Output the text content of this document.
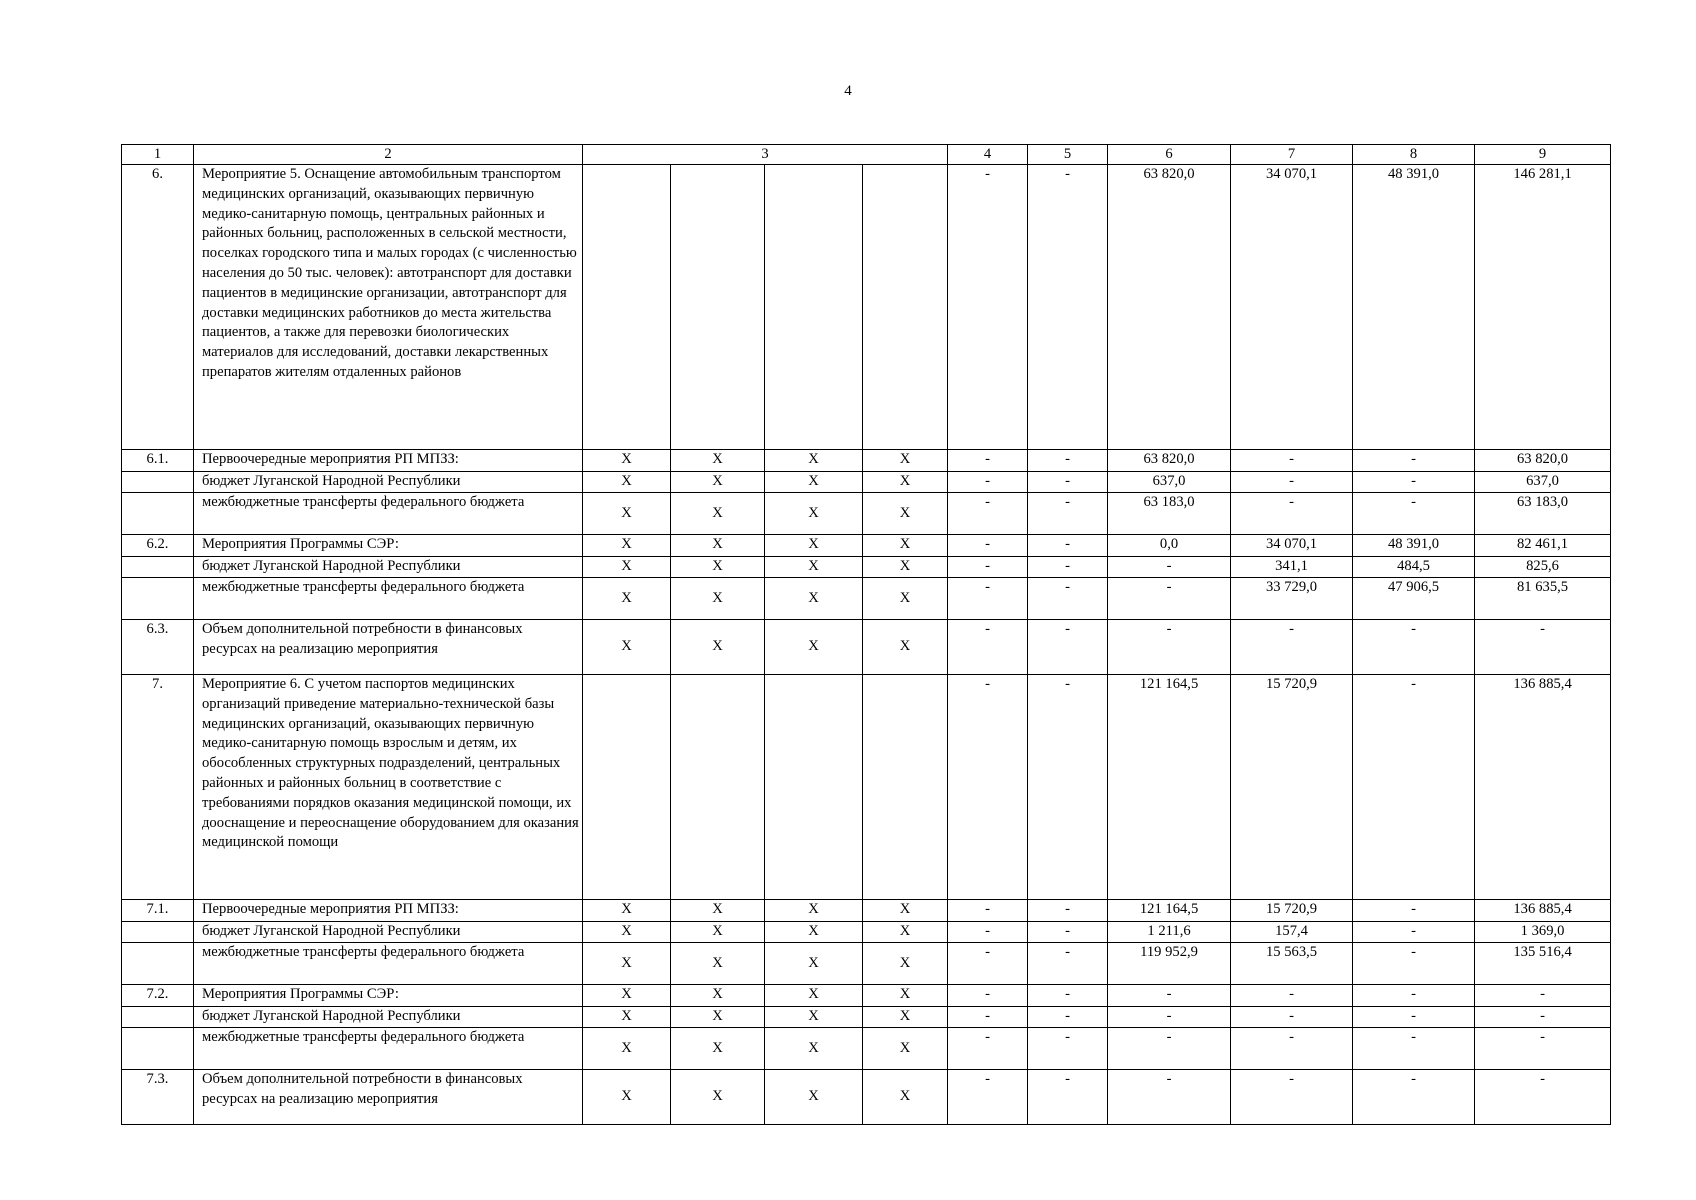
4
1	2	3				4	5	6	7	8	9
6.	Мероприятие 5. Оснащение автомобильным транспортом медицинских организаций, оказывающих первичную медико-санитарную помощь, центральных районных и районных больниц, расположенных в сельской местности, поселках городского типа и малых городах (с численностью населения до 50 тыс. человек): автотранспорт для доставки пациентов в медицинские организации, автотранспорт для доставки медицинских работников до места жительства пациентов, а также для перевозки биологических материалов для исследований, доставки лекарственных препаратов жителям отдаленных районов					-	-	63 820,0	34 070,1	48 391,0	146 281,1
6.1.	Первоочередные мероприятия РП МПЗЗ:	X	X	X	X	-	-	63 820,0	-	-	63 820,0
	бюджет Луганской Народной Республики	X	X	X	X	-	-	637,0	-	-	637,0
	межбюджетные трансферты федерального бюджета	X	X	X	X	-	-	63 183,0	-	-	63 183,0
6.2.	Мероприятия Программы СЭР:	X	X	X	X	-	-	0,0	34 070,1	48 391,0	82 461,1
	бюджет Луганской Народной Республики	X	X	X	X	-	-	-	341,1	484,5	825,6
	межбюджетные трансферты федерального бюджета	X	X	X	X	-	-	-	33 729,0	47 906,5	81 635,5
6.3.	Объем дополнительной потребности в финансовых ресурсах на реализацию мероприятия	X	X	X	X	-	-	-	-	-	-
7.	Мероприятие 6. С учетом паспортов медицинских организаций приведение материально-технической базы медицинских организаций, оказывающих первичную медико-санитарную помощь взрослым и детям, их обособленных структурных подразделений, центральных районных и районных больниц в соответствие с требованиями порядков оказания медицинской помощи, их дооснащение и переоснащение оборудованием для оказания медицинской помощи					-	-	121 164,5	15 720,9	-	136 885,4
7.1.	Первоочередные мероприятия РП МПЗЗ:	X	X	X	X	-	-	121 164,5	15 720,9	-	136 885,4
	бюджет Луганской Народной Республики	X	X	X	X	-	-	1 211,6	157,4	-	1 369,0
	межбюджетные трансферты федерального бюджета	X	X	X	X	-	-	119 952,9	15 563,5	-	135 516,4
7.2.	Мероприятия Программы СЭР:	X	X	X	X	-	-	-	-	-	-
	бюджет Луганской Народной Республики	X	X	X	X	-	-	-	-	-	-
	межбюджетные трансферты федерального бюджета	X	X	X	X	-	-	-	-	-	-
7.3.	Объем дополнительной потребности в финансовых ресурсах на реализацию мероприятия	X	X	X	X	-	-	-	-	-	-
